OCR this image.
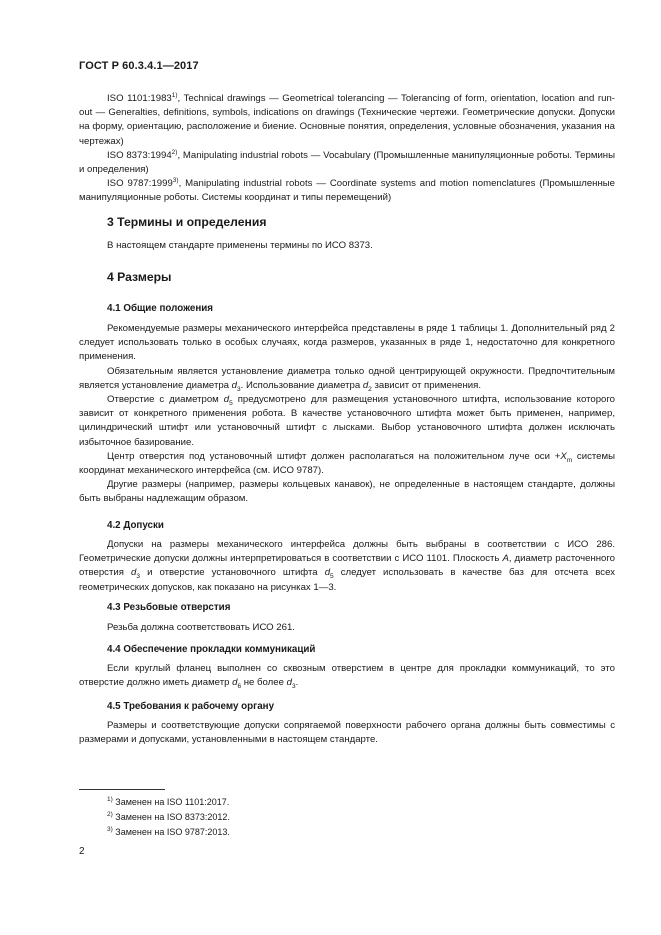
ГОСТ Р 60.3.4.1—2017

ISO 1101:1983$^{1)}$, Technical drawings — Geometrical tolerancing — Tolerancing of form, orientation, location and run-out — Generalties, definitions, symbols, indications on drawings (Технические чертежи. Геометрические допуски. Допуски на форму, ориентацию, расположение и биение. Основные понятия, определения, условные обозначения, указания на чертежах)

ISO 8373:1994$^{2)}$, Manipulating industrial robots — Vocabulary (Промышленные манипуляционные роботы. Термины и определения)

ISO 9787:1999$^{3)}$, Manipulating industrial robots — Coordinate systems and motion nomenclatures (Промышленные манипуляционные роботы. Системы координат и типы перемещений)

3 Термины и определения

В настоящем стандарте применены термины по ИСО 8373.

4 Размеры
4.1 Общие положения

Рекомендуемые размеры механического интерфейса представлены в ряде 1 таблицы 1. Дополнительный ряд 2 следует использовать только в особых случаях, когда размеров, указанных в ряде 1, недостаточно для конкретного применения.

Обязательным является установление диаметра только одной центрирующей окружности. Предпочтительным является установление диаметра $d_3$. Использование диаметра $d_2$ зависит от применения.

Отверстие с диаметром $d_5$ предусмотрено для размещения установочного штифта, использование которого зависит от конкретного применения робота. В качестве установочного штифта может быть применен, например, цилиндрический штифт или установочный штифт с лысками. Выбор установочного штифта должен исключать избыточное базирование.

Центр отверстия под установочный штифт должен располагаться на положительном луче оси $+X_m$ системы координат механического интерфейса (см. ИСО 9787).

Другие размеры (например, размеры кольцевых канавок), не определенные в настоящем стандарте, должны быть выбраны надлежащим образом.

4.2 Допуски

Допуски на размеры механического интерфейса должны быть выбраны в соответствии с ИСО 286. Геометрические допуски должны интерпретироваться в соответствии с ИСО 1101. Плоскость A, диаметр расточенного отверстия $d_3$ и отверстие установочного штифта $d_5$ следует использовать в качестве баз для отсчета всех геометрических допусков, как показано на рисунках 1—3.

4.3 Резьбовые отверстия

Резьба должна соответствовать ИСО 261.

4.4 Обеспечение прокладки коммуникаций

Если круглый фланец выполнен со сквозным отверстием в центре для прокладки коммуникаций, то это отверстие должно иметь диаметр $d_6$ не более $d_3$.

4.5 Требования к рабочему органу

Размеры и соответствующие допуски сопрягаемой поверхности рабочего органа должны быть совместимы с размерами и допусками, установленными в настоящем стандарте.

$^{1)}$ Заменен на ISO 1101:2017.
$^{2)}$ Заменен на ISO 8373:2012.
$^{3)}$ Заменен на ISO 9787:2013.
2
